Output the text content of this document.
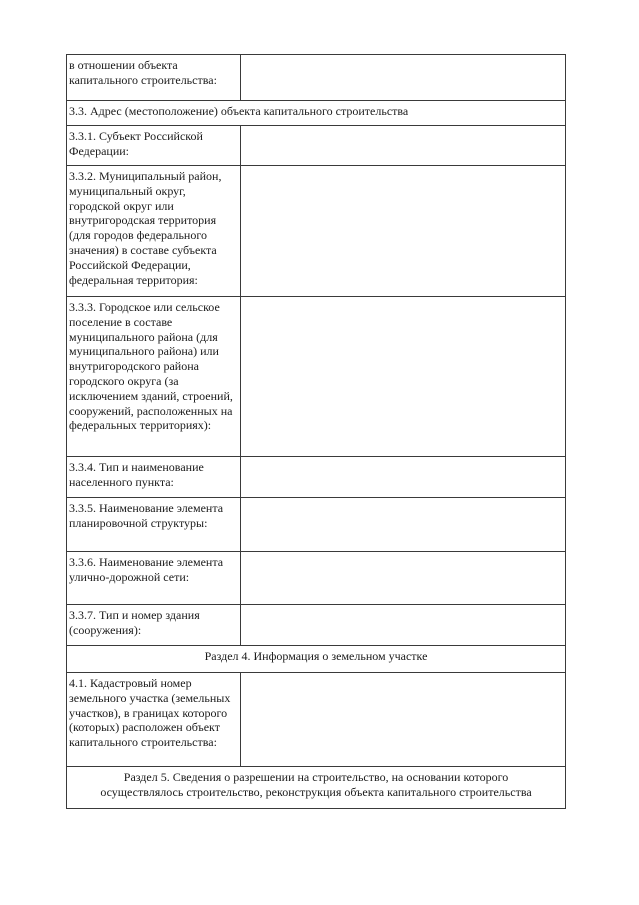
в отношении объекта капитального строительства:	

3.3. Адрес (местоположение) объекта капитального строительства	

3.3.1. Субъект Российской Федерации:	

3.3.2. Муниципальный район, муниципальный округ, городской округ или внутригородская территория (для городов федерального значения) в составе субъекта Российской Федерации, федеральная территория:	

3.3.3. Городское или сельское поселение в составе муниципального района (для муниципального района) или внутригородского района городского округа (за исключением зданий, строений, сооружений, расположенных на федеральных территориях):	

3.3.4. Тип и наименование населенного пункта:	

3.3.5. Наименование элемента планировочной структуры:	

3.3.6. Наименование элемента улично-дорожной сети:	

3.3.7. Тип и номер здания (сооружения):	

Раздел 4. Информация о земельном участке	

4.1. Кадастровый номер земельного участка (земельных участков), в границах которого (которых) расположен объект капитального строительства:	

Раздел 5. Сведения о разрешении на строительство, на основании которого осуществлялось строительство, реконструкция объекта капитального строительства	
